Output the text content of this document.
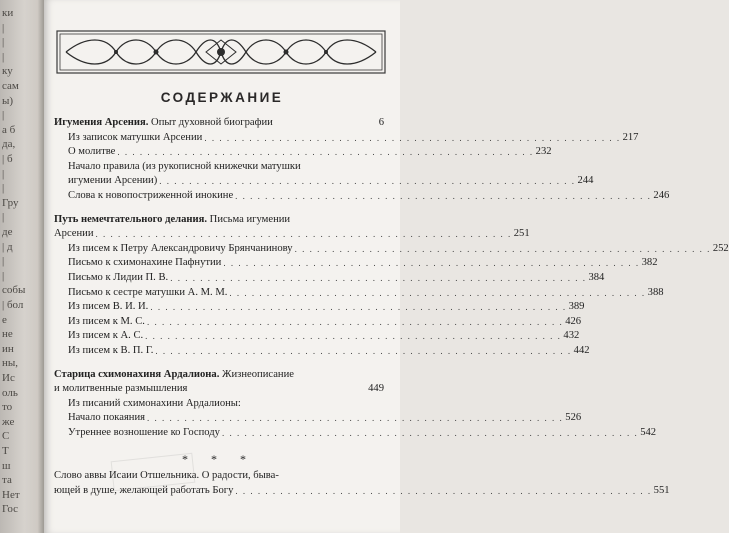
ки
|
|
|
ку
сам
ы)
|
а б
да,
| б
|
|
Гру
|
де
| д
|
|
собы
| бол
е
не
ин
ны,
Ис
оль
то
же
С
Т
ш
та
Нет
Гос
СОДЕРЖАНИЕ
Игумения Арсения. Опыт духовной биографии	6
Из записок матушки Арсении . . . . . . . . . . . . . . . . . . . . . . . . . . . . . . . . . . . . . . . . . . . . . . . . . . . . . . . . 217
О молитве . . . . . . . . . . . . . . . . . . . . . . . . . . . . . . . . . . . . . . . . . . . . . . . . . . . . . . . . 232
Начало правила (из рукописной книжечки матушки
игумении Арсении) . . . . . . . . . . . . . . . . . . . . . . . . . . . . . . . . . . . . . . . . . . . . . . . . . . . . . . . . 244
Слова к новопостриженной инокине . . . . . . . . . . . . . . . . . . . . . . . . . . . . . . . . . . . . . . . . . . . . . . . . . . . . . . . . 246
Путь немечтательного делания. Письма игумении
Арсении . . . . . . . . . . . . . . . . . . . . . . . . . . . . . . . . . . . . . . . . . . . . . . . . . . . . . . . . 251
Из писем к Петру Александровичу Брянчанинову . . . . . . . . . . . . . . . . . . . . . . . . . . . . . . . . . . . . . . . . . . . . . . . . . . . . . . . . 252
Письмо к схимонахине Пафнутии . . . . . . . . . . . . . . . . . . . . . . . . . . . . . . . . . . . . . . . . . . . . . . . . . . . . . . . . 382
Письмо к Лидии П. В. . . . . . . . . . . . . . . . . . . . . . . . . . . . . . . . . . . . . . . . . . . . . . . . . . . . . . . . . 384
Письмо к сестре матушки А. М. М. . . . . . . . . . . . . . . . . . . . . . . . . . . . . . . . . . . . . . . . . . . . . . . . . . . . . . . . . 388
Из писем В. И. И. . . . . . . . . . . . . . . . . . . . . . . . . . . . . . . . . . . . . . . . . . . . . . . . . . . . . . . . . 389
Из писем к М. С. . . . . . . . . . . . . . . . . . . . . . . . . . . . . . . . . . . . . . . . . . . . . . . . . . . . . . . . . 426
Из писем к А. С. . . . . . . . . . . . . . . . . . . . . . . . . . . . . . . . . . . . . . . . . . . . . . . . . . . . . . . . . 432
Из писем к В. П. Г. . . . . . . . . . . . . . . . . . . . . . . . . . . . . . . . . . . . . . . . . . . . . . . . . . . . . . . . . 442
Старица схимонахиня Ардалиона. Жизнеописание
и молитвенные размышления	449
Из писаний схимонахини Ардалионы:
Начало покаяния . . . . . . . . . . . . . . . . . . . . . . . . . . . . . . . . . . . . . . . . . . . . . . . . . . . . . . . . 526
Утреннее возношение ко Господу . . . . . . . . . . . . . . . . . . . . . . . . . . . . . . . . . . . . . . . . . . . . . . . . . . . . . . . . 542
* * *
Слово аввы Исаии Отшельника. О радости, быва-
ющей в душе, желающей работать Богу . . . . . . . . . . . . . . . . . . . . . . . . . . . . . . . . . . . . . . . . . . . . . . . . . . . . . . . . 551
